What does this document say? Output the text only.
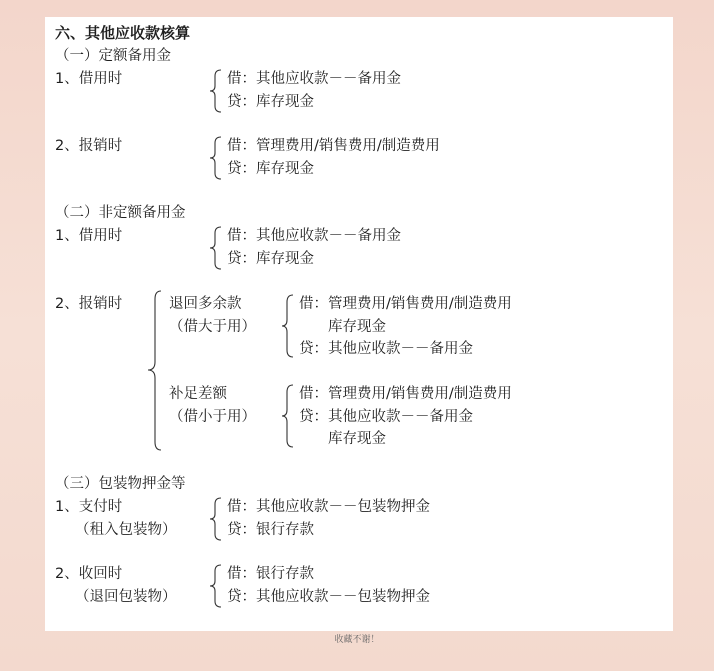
六、其他应收款核算
（一）定额备用金
1、借用时	借：其他应收款－－备用金
贷：库存现金
2、报销时	借：管理费用/销售费用/制造费用
贷：库存现金
（二）非定额备用金
1、借用时	借：其他应收款－－备用金
贷：库存现金
2、报销时	退回多余款
（借大于用）
借：管理费用/销售费用/制造费用
库存现金
贷：其他应收款－－备用金
补足差额
（借小于用）
借：管理费用/销售费用/制造费用
贷：其他应收款－－备用金
库存现金
（三）包装物押金等
1、支付时
（租入包装物）
借：其他应收款－－包装物押金
贷：银行存款
2、收回时
（退回包装物）
借：银行存款
贷：其他应收款－－包装物押金
收藏不谢！
